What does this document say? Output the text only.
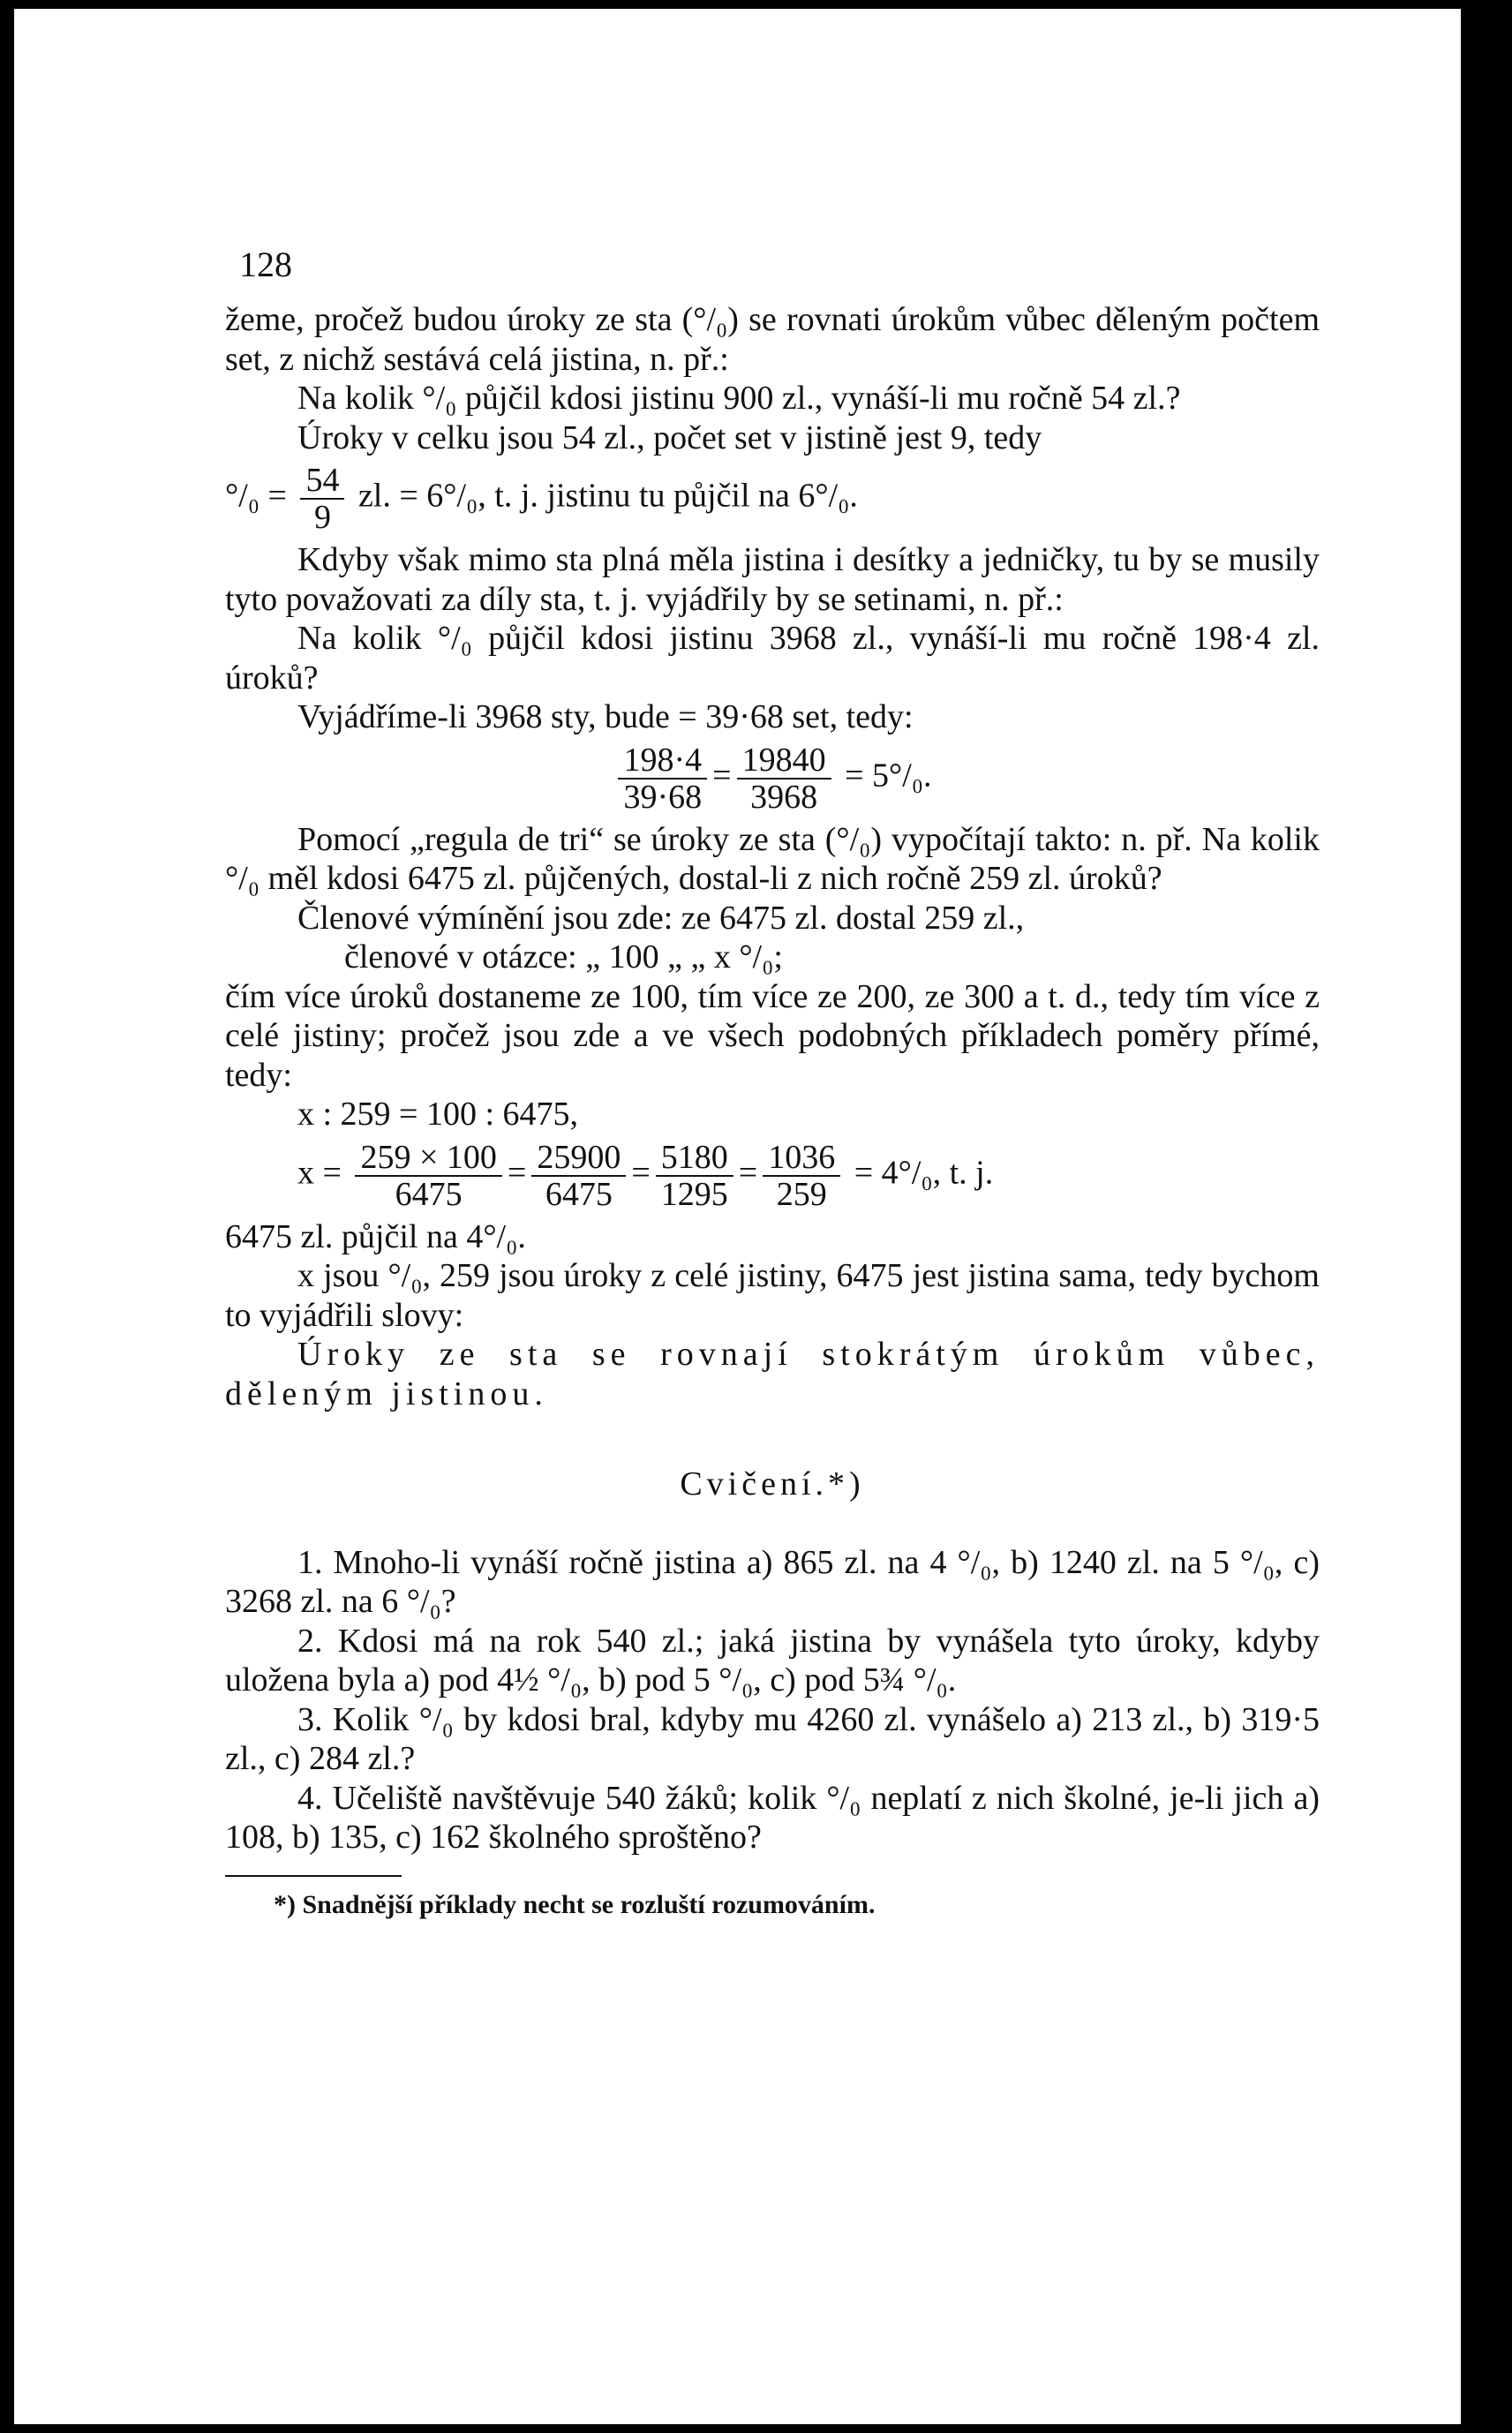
128

žeme, pročež budou úroky ze sta (°/₀) se rovnati úrokům vůbec děleným počtem set, z nichž sestává celá jistina, n. př.:

Na kolik °/₀ půjčil kdosi jistinu 900 zl., vynáší-li mu ročně 54 zl.?

Úroky v celku jsou 54 zl., počet set v jistině jest 9, tedy

$^\circ/_0 = \frac{54}{9}$ zl. = 6°/₀, t. j. jistinu tu půjčil na 6°/₀.

Kdyby však mimo sta plná měla jistina i desítky a jedničky, tu by se musily tyto považovati za díly sta, t. j. vyjádřily by se setinami, n. př.:

Na kolik °/₀ půjčil kdosi jistinu 3968 zl., vynáší-li mu ročně 198·4 zl. úroků?

Vyjádříme-li 3968 sty, bude = 39·68 set, tedy:

$\frac{198\cdot 4}{39\cdot 68} = \frac{19840}{3968} = 5^\circ/_0$.

Pomocí „regula de tri“ se úroky ze sta (°/₀) vypočítají takto: n. př. Na kolik °/₀ měl kdosi 6475 zl. půjčených, dostal-li z nich ročně 259 zl. úroků?

Členové výmínění jsou zde: ze 6475 zl. dostal 259 zl.,

členové v otázce: „ 100 „ „ x °/₀;

čím více úroků dostaneme ze 100, tím více ze 200, ze 300 a t. d., tedy tím více z celé jistiny; pročež jsou zde a ve všech podobných příkladech poměry přímé, tedy:

x : 259 = 100 : 6475,

$x = \frac{259 \times 100}{6475} = \frac{25900}{6475} = \frac{5180}{1295} = \frac{1036}{259} = 4^\circ/_0$, t. j.

6475 zl. půjčil na 4°/₀.

x jsou °/₀, 259 jsou úroky z celé jistiny, 6475 jest jistina sama, tedy bychom to vyjádřili slovy:

Úroky ze sta se rovnají stokrátým úrokům vůbec, děleným jistinou.

Cvičení.*)

1. Mnoho-li vynáší ročně jistina a) 865 zl. na 4 °/₀, b) 1240 zl. na 5 °/₀, c) 3268 zl. na 6 °/₀?

2. Kdosi má na rok 540 zl.; jaká jistina by vynášela tyto úroky, kdyby uložena byla a) pod 4½ °/₀, b) pod 5 °/₀, c) pod 5¾ °/₀.

3. Kolik °/₀ by kdosi bral, kdyby mu 4260 zl. vynášelo a) 213 zl., b) 319·5 zl., c) 284 zl.?

4. Učeliště navštěvuje 540 žáků; kolik °/₀ neplatí z nich školné, je-li jich a) 108, b) 135, c) 162 školného sproštěno?

*) Snadnější příklady necht se rozluští rozumováním.
